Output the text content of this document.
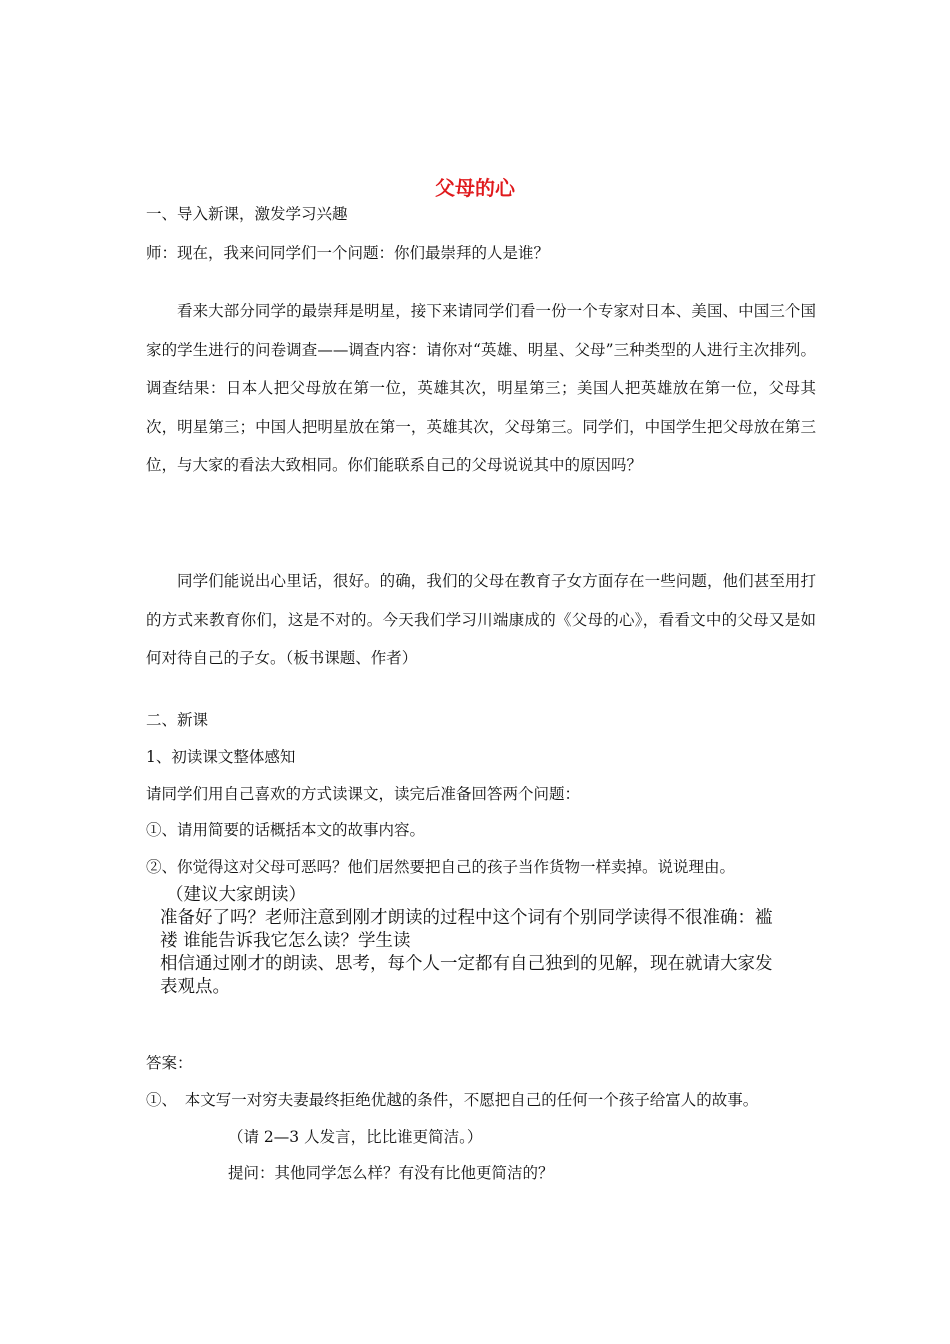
父母的心
一、导入新课，激发学习兴趣
师：现在，我来问同学们一个问题：你们最崇拜的人是谁？
看来大部分同学的最崇拜是明星，接下来请同学们看一份一个专家对日本、美国、中国三个国家的学生进行的问卷调查——调查内容：请你对“英雄、明星、父母”三种类型的人进行主次排列。调查结果：日本人把父母放在第一位，英雄其次，明星第三；美国人把英雄放在第一位，父母其次，明星第三；中国人把明星放在第一，英雄其次，父母第三。同学们，中国学生把父母放在第三位，与大家的看法大致相同。你们能联系自己的父母说说其中的原因吗？
同学们能说出心里话，很好。的确，我们的父母在教育子女方面存在一些问题，他们甚至用打的方式来教育你们，这是不对的。今天我们学习川端康成的《父母的心》，看看文中的父母又是如何对待自己的子女。（板书课题、作者）
二、新课
1、初读课文整体感知
请同学们用自己喜欢的方式读课文，读完后准备回答两个问题：
①、请用简要的话概括本文的故事内容。
②、你觉得这对父母可恶吗？他们居然要把自己的孩子当作货物一样卖掉。说说理由。
（建议大家朗读）
准备好了吗？老师注意到刚才朗读的过程中这个词有个别同学读得不很准确：褴
褛 谁能告诉我它怎么读？学生读
相信通过刚才的朗读、思考，每个人一定都有自己独到的见解，现在就请大家发
表观点。
答案：
①、　本文写一对穷夫妻最终拒绝优越的条件，不愿把自己的任何一个孩子给富人的故事。
（请 2—3 人发言，比比谁更简洁。）
提问：其他同学怎么样？有没有比他更简洁的？
